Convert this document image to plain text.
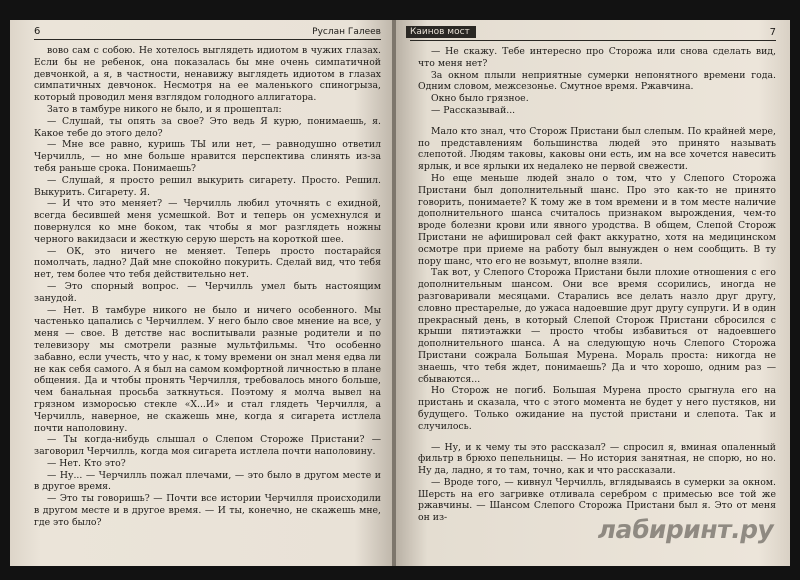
6	Руслан Галеев

вово сам с собою. Не хотелось выглядеть идиотом в чужих глазах. Если бы не ребенок, она показалась бы мне очень симпатичной девчонкой, а я, в частности, ненавижу выглядеть идиотом в глазах симпатичных девчонок. Несмотря на ее маленького спиногрыза, который проводил меня взглядом голодного аллигатора.

Зато в тамбуре никого не было, и я прошептал:

— Слушай, ты опять за свое? Это ведь Я курю, понимаешь, я. Какое тебе до этого дело?

— Мне все равно, куришь ТЫ или нет, — равнодушно ответил Черчилль, — но мне больше нравится перспектива слинять из-за тебя раньше срока. Понимаешь?

— Слушай, я просто решил выкурить сигарету. Просто. Решил. Выкурить. Сигарету. Я.

— И что это меняет? — Черчилль любил уточнять с ехидной, всегда бесившей меня усмешкой. Вот и теперь он усмехнулся и повернулся ко мне боком, так чтобы я мог разглядеть ножны черного вакидзаси и жесткую серую шерсть на короткой шее.

— ОК, это ничего не меняет. Теперь просто постарайся помолчать, ладно? Дай мне спокойно покурить. Сделай вид, что тебя нет, тем более что тебя действительно нет.

— Это спорный вопрос. — Черчилль умел быть настоящим занудой.

— Нет. В тамбуре никого не было и ничего особенного. Мы частенько цапались с Черчиллем. У него было свое мнение на все, у меня — свое. В детстве нас воспитывали разные родители и по телевизору мы смотрели разные мультфильмы. Что особенно забавно, если учесть, что у нас, к тому времени он знал меня едва ли не как себя самого. А я был на самом комфортной личностью в плане общения. Да и чтобы пронять Черчилля, требовалось много больше, чем банальная просьба заткнуться. Поэтому я молча вывел на грязном изморосью стекле «Х...И» и стал глядеть Черчилля, а Черчилль, наверное, не скажешь мне, когда я сигарета истлела почти наполовину.

— Ты когда-нибудь слышал о Слепом Стороже Пристани? — заговорил Черчилль, когда моя сигарета истлела почти наполовину.

— Нет. Кто это?

— Ну... — Черчилль пожал плечами, — это было в другом месте и в другое время.

— Это ты говоришь? — Почти все истории Черчилля происходили в другом месте и в другое время. — И ты, конечно, не скажешь мне, где это было?

Каинов мост	7

— Не скажу. Тебе интересно про Сторожа или снова сделать вид, что меня нет?

За окном плыли неприятные сумерки непонятного времени года. Одним словом, межсезонье. Смутное время. Ржавчина.

Окно было грязное.

— Рассказывай...

Мало кто знал, что Сторож Пристани был слепым. По крайней мере, по представлениям большинства людей это принято называть слепотой. Людям таковы, каковы они есть, им на все хочется навесить ярлык, и все ярлыки их недалеко не первой свежести.

Но еще меньше людей знало о том, что у Слепого Сторожа Пристани был дополнительный шанс. Про это как-то не принято говорить, понимаете? К тому же в том времени и в том месте наличие дополнительного шанса считалось признаком вырождения, чем-то вроде болезни крови или явного уродства. В общем, Слепой Сторож Пристани не афишировал сей факт аккуратно, хотя на медицинском осмотре при приеме на работу был вынужден о нем сообщить. В ту пору шанс, что его не возьмут, вполне взяли.

Так вот, у Слепого Сторожа Пристани были плохие отношения с его дополнительным шансом. Они все время ссорились, иногда не разговаривали месяцами. Старались все делать назло друг другу, словно престарелые, до ужаса надоевшие друг другу супруги. И в один прекрасный день, в который Слепой Сторож Пристани сбросился с крыши пятиэтажки — просто чтобы избавиться от надоевшего дополнительного шанса. А на следующую ночь Слепого Сторожа Пристани сожрала Большая Мурена. Мораль проста: никогда не знаешь, что тебя ждет, понимаешь? Да и что хорошо, одним раз — сбываются...

Но Сторож не погиб. Большая Мурена просто срыгнула его на пристань и сказала, что с этого момента не будет у него пустяков, ни будущего. Только ожидание на пустой пристани и слепота. Так и случилось.

— Ну, и к чему ты это рассказал? — спросил я, вминая опаленный фильтр в брюхо пепельницы. — Но история занятная, не спорю, но но. Ну да, ладно, я то там, точно, как и что рассказали.

— Вроде того, — кивнул Черчилль, вглядываясь в сумерки за окном. Шерсть на его загривке отливала серебром с примесью все той же ржавчины. — Шансом Слепого Сторожа Пристани был я. Это от меня он из-	лабиринт.ру
